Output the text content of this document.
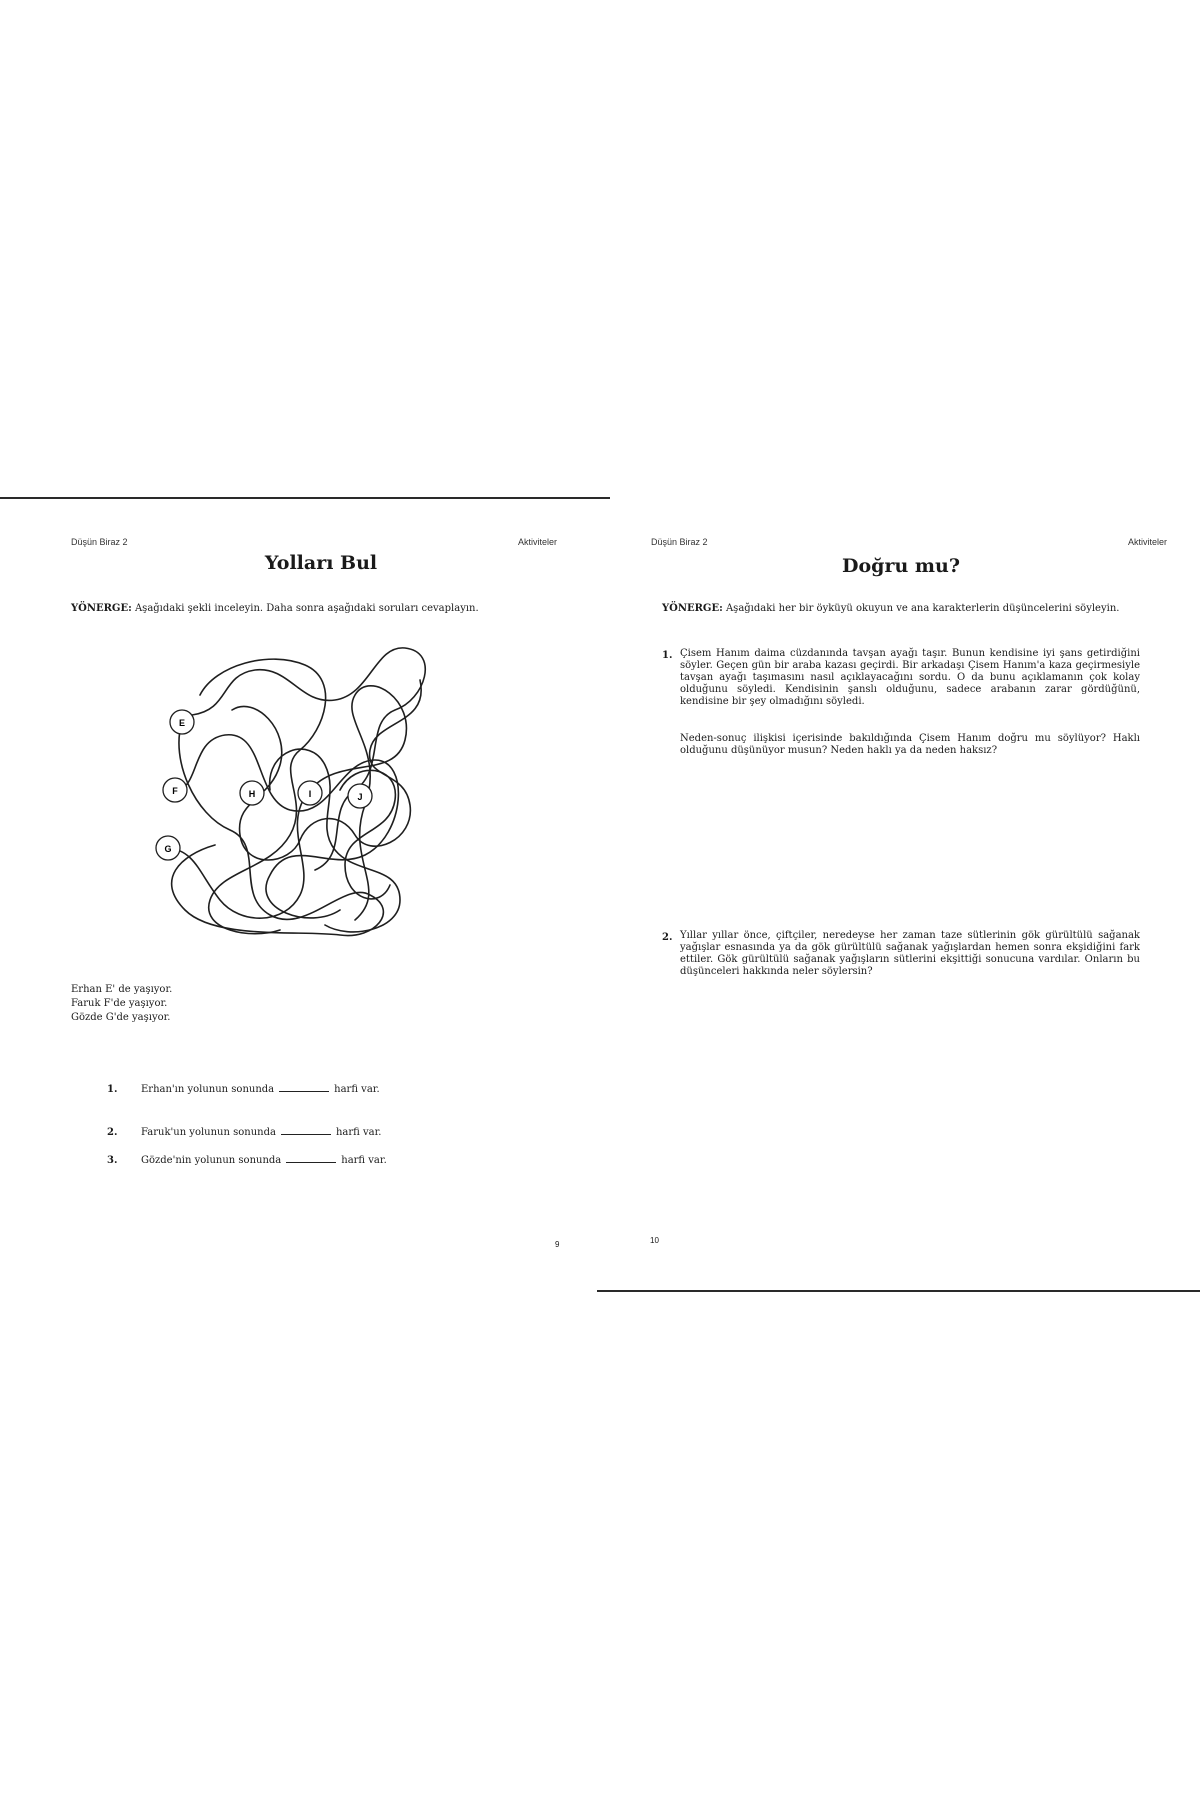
Düşün Biraz 2	Aktiviteler
Yolları Bul
YÖNERGE: Aşağıdaki şekli inceleyin. Daha sonra aşağıdaki soruları cevaplayın.
E
F
G
H	I	J
Erhan E' de yaşıyor.
Faruk F'de yaşıyor.
Gözde G'de yaşıyor.
1.	Erhan'ın yolunun sonunda	harfi var.
2.	Faruk'un yolunun sonunda	harfi var.
3.	Gözde'nin yolunun sonunda	harfi var.
9
Düşün Biraz 2	Aktiviteler
Doğru mu?
YÖNERGE: Aşağıdaki her bir öyküyü okuyun ve ana karakterlerin düşüncelerini söyleyin.
1. Çisem Hanım daima cüzdanında tavşan ayağı taşır. Bunun kendisine iyi şans getirdiğini söyler. Geçen gün bir araba kazası geçirdi. Bir arkadaşı Çisem Hanım'a kaza geçirmesiyle tavşan ayağı taşımasını nasıl açıklayacağını sordu. O da bunu açıklamanın çok kolay olduğunu söyledi. Kendisinin şanslı olduğunu, sadece arabanın zarar gördüğünü, kendisine bir şey olmadığını söyledi.
Neden-sonuç ilişkisi içerisinde bakıldığında Çisem Hanım doğru mu söylüyor? Haklı olduğunu düşünüyor musun? Neden haklı ya da neden haksız?
2. Yıllar yıllar önce, çiftçiler, neredeyse her zaman taze sütlerinin gök gürültülü sağanak yağışlar esnasında ya da gök gürültülü sağanak yağışlardan hemen sonra ekşidiğini fark ettiler. Gök gürültülü sağanak yağışların sütlerini ekşittiği sonucuna vardılar. Onların bu düşünceleri hakkında neler söylersin?
10
